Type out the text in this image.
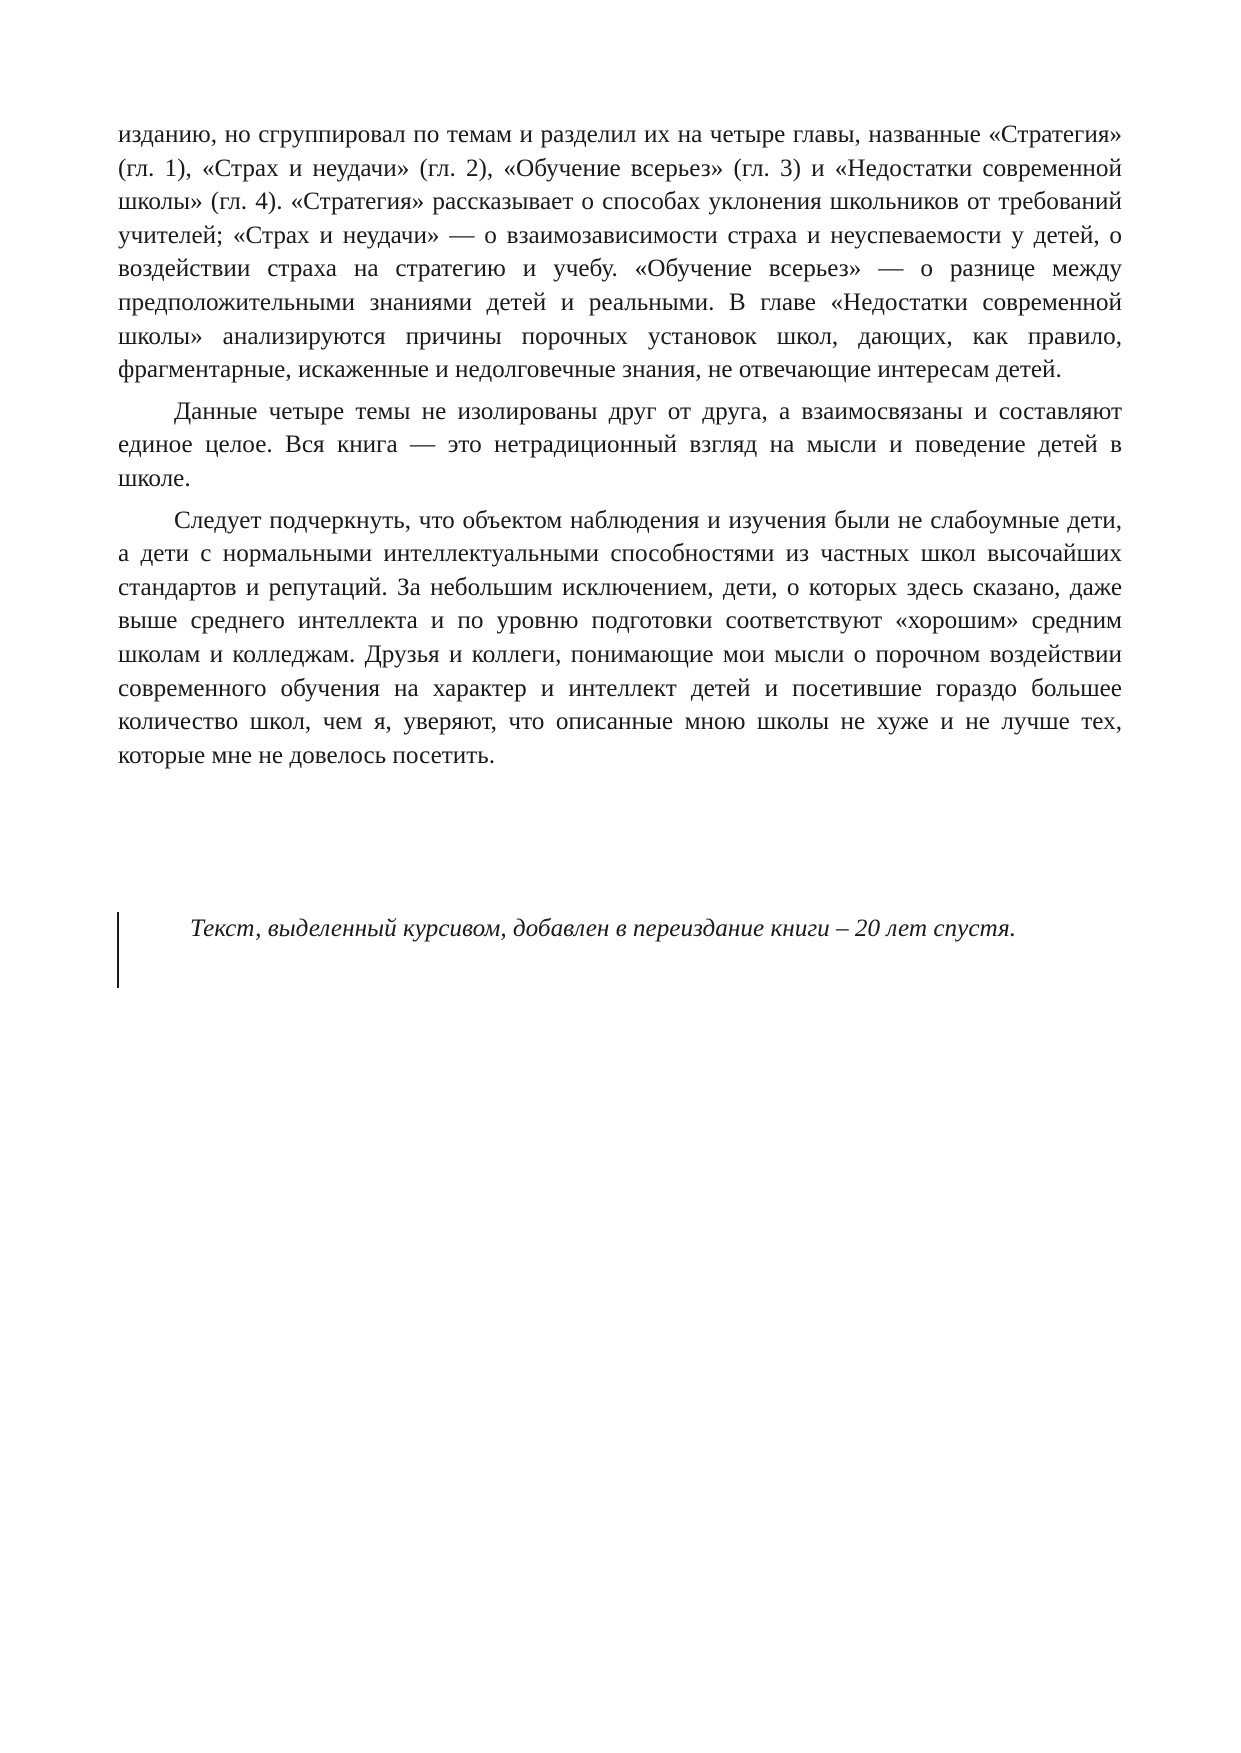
изданию, но сгруппировал по темам и разделил их на четыре главы, названные «Стратегия» (гл. 1), «Страх и неудачи» (гл. 2), «Обучение всерьез» (гл. 3) и «Недостатки современной школы» (гл. 4). «Стратегия» рассказывает о способах уклонения школьников от требований учителей; «Страх и неудачи» — о взаимозависимости страха и неуспеваемости у детей, о воздействии страха на стратегию и учебу. «Обучение всерьез» — о разнице между предположительными знаниями детей и реальными. В главе «Недостатки современной школы» анализируются причины порочных установок школ, дающих, как правило, фрагментарные, искаженные и недолговечные знания, не отвечающие интересам детей.

Данные четыре темы не изолированы друг от друга, а взаимосвязаны и составляют единое целое. Вся книга — это нетрадиционный взгляд на мысли и поведение детей в школе.

Следует подчеркнуть, что объектом наблюдения и изучения были не слабоумные дети, а дети с нормальными интеллектуальными способностями из частных школ высочайших стандартов и репутаций. За небольшим исключением, дети, о которых здесь сказано, даже выше среднего интеллекта и по уровню подготовки соответствуют «хорошим» средним школам и колледжам. Друзья и коллеги, понимающие мои мысли о порочном воздействии современного обучения на характер и интеллект детей и посетившие гораздо большее количество школ, чем я, уверяют, что описанные мною школы не хуже и не лучше тех, которые мне не довелось посетить.

Текст, выделенный курсивом, добавлен в переиздание книги – 20 лет спустя.
